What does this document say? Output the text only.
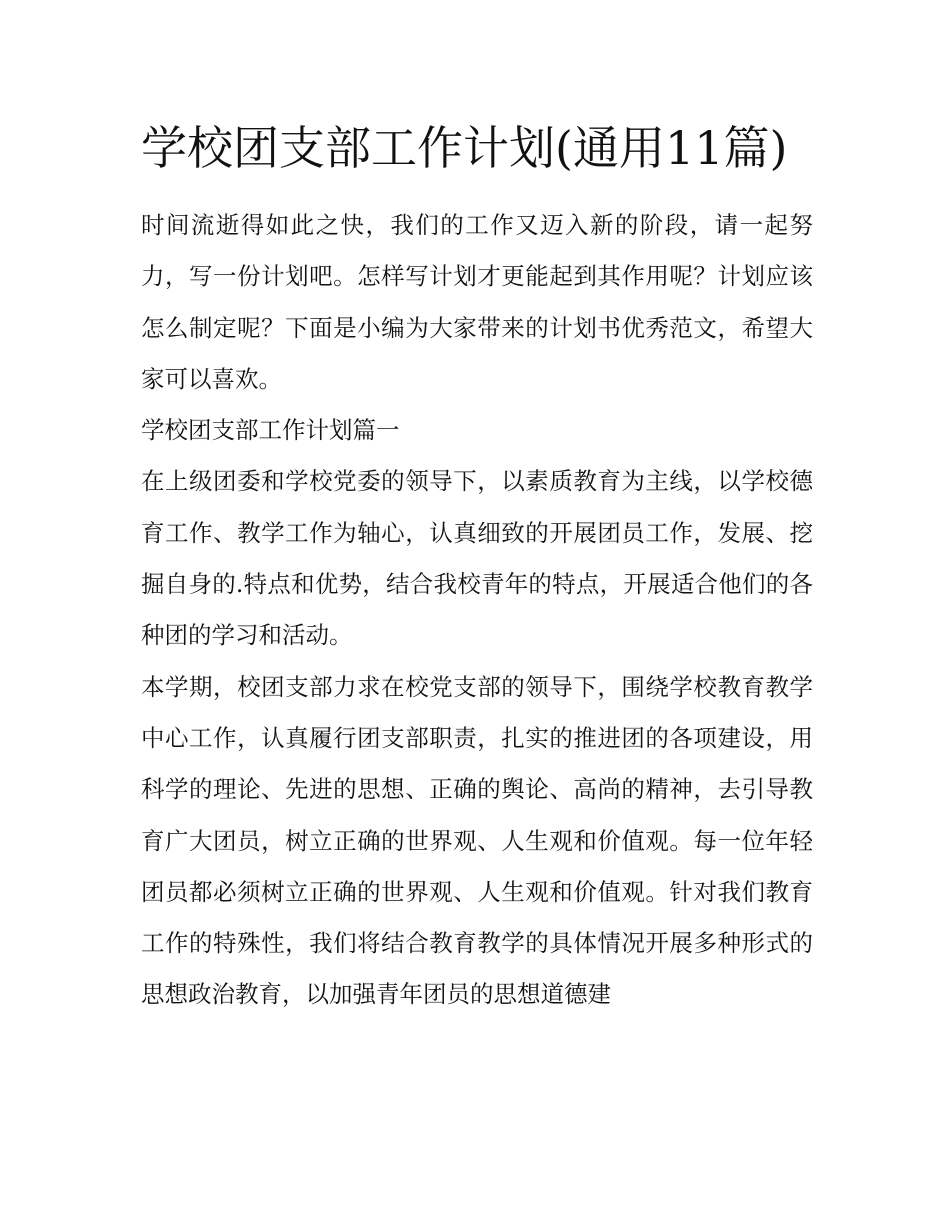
学校团支部工作计划(通用11篇)

时间流逝得如此之快，我们的工作又迈入新的阶段，请一起努力，写一份计划吧。怎样写计划才更能起到其作用呢？计划应该怎么制定呢？下面是小编为大家带来的计划书优秀范文，希望大家可以喜欢。

学校团支部工作计划篇一

在上级团委和学校党委的领导下，以素质教育为主线，以学校德育工作、教学工作为轴心，认真细致的开展团员工作，发展、挖掘自身的.特点和优势，结合我校青年的特点，开展适合他们的各种团的学习和活动。

本学期，校团支部力求在校党支部的领导下，围绕学校教育教学中心工作，认真履行团支部职责，扎实的推进团的各项建设，用科学的理论、先进的思想、正确的舆论、高尚的精神，去引导教育广大团员，树立正确的世界观、人生观和价值观。每一位年轻团员都必须树立正确的世界观、人生观和价值观。针对我们教育工作的特殊性，我们将结合教育教学的具体情况开展多种形式的思想政治教育，以加强青年团员的思想道德建
